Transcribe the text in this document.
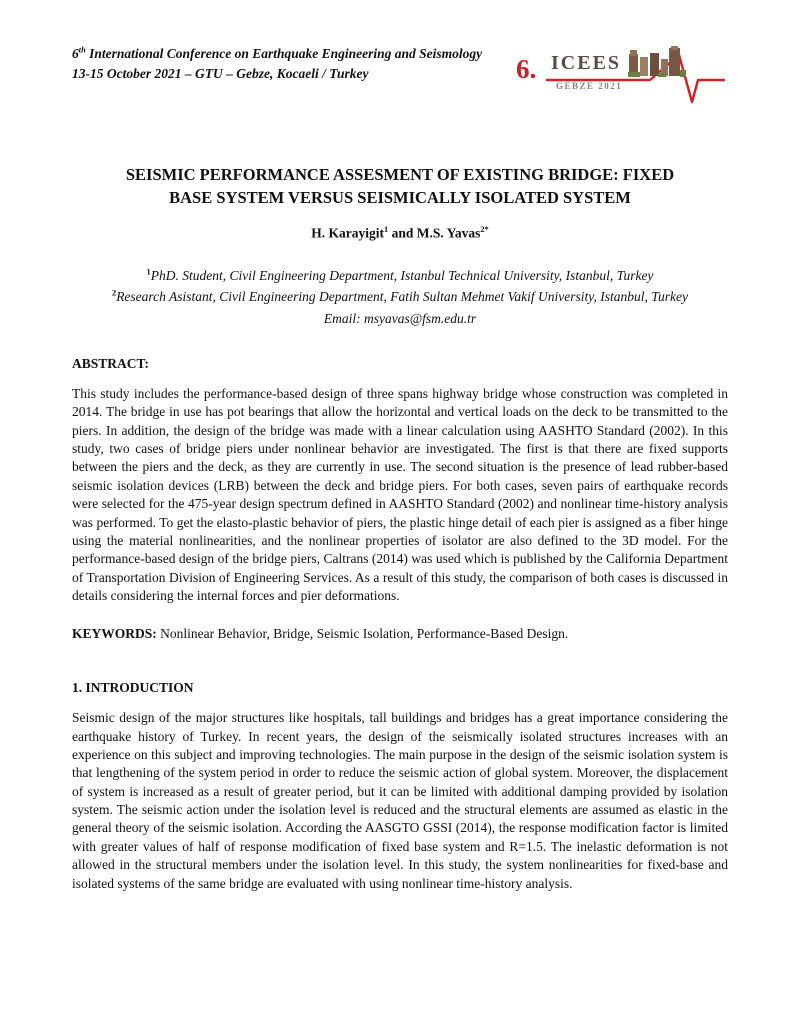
6th International Conference on Earthquake Engineering and Seismology
13-15 October 2021 – GTU – Gebze, Kocaeli / Turkey	6. ICEES
GEBZE 2021
SEISMIC PERFORMANCE ASSESMENT OF EXISTING BRIDGE: FIXED
BASE SYSTEM VERSUS SEISMICALLY ISOLATED SYSTEM
H. Karayigit$^1$ and M.S. Yavas$^{2*}$
$^1$PhD. Student, Civil Engineering Department, Istanbul Technical University, Istanbul, Turkey
$^2$Research Asistant, Civil Engineering Department, Fatih Sultan Mehmet Vakif University, Istanbul, Turkey
Email: msyavas@fsm.edu.tr
ABSTRACT:

This study includes the performance-based design of three spans highway bridge whose construction was completed in 2014. The bridge in use has pot bearings that allow the horizontal and vertical loads on the deck to be transmitted to the piers. In addition, the design of the bridge was made with a linear calculation using AASHTO Standard (2002). In this study, two cases of bridge piers under nonlinear behavior are investigated. The first is that there are fixed supports between the piers and the deck, as they are currently in use. The second situation is the presence of lead rubber-based seismic isolation devices (LRB) between the deck and bridge piers. For both cases, seven pairs of earthquake records were selected for the 475-year design spectrum defined in AASHTO Standard (2002) and nonlinear time-history analysis was performed. To get the elasto-plastic behavior of piers, the plastic hinge detail of each pier is assigned as a fiber hinge using the material nonlinearities, and the nonlinear properties of isolator are also defined to the 3D model. For the performance-based design of the bridge piers, Caltrans (2014) was used which is published by the California Department of Transportation Division of Engineering Services. As a result of this study, the comparison of both cases is discussed in details considering the internal forces and pier deformations.

KEYWORDS: Nonlinear Behavior, Bridge, Seismic Isolation, Performance-Based Design.
1. INTRODUCTION

Seismic design of the major structures like hospitals, tall buildings and bridges has a great importance considering the earthquake history of Turkey. In recent years, the design of the seismically isolated structures increases with an experience on this subject and improving technologies. The main purpose in the design of the seismic isolation system is that lengthening of the system period in order to reduce the seismic action of global system. Moreover, the displacement of system is increased as a result of greater period, but it can be limited with additional damping provided by isolation system. The seismic action under the isolation level is reduced and the structural elements are assumed as elastic in the general theory of the seismic isolation. According the AASGTO GSSI (2014), the response modification factor is limited with greater values of half of response modification of fixed base system and R=1.5. The inelastic deformation is not allowed in the structural members under the isolation level. In this study, the system nonlinearities for fixed-base and isolated systems of the same bridge are evaluated with using nonlinear time-history analysis.
